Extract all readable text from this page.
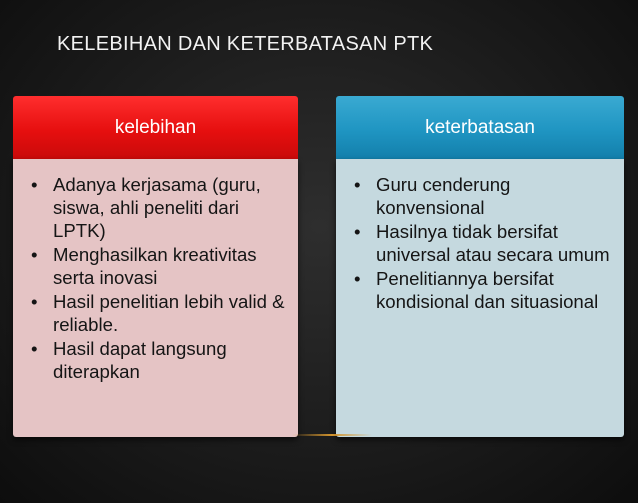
KELEBIHAN DAN KETERBATASAN PTK
kelebihan
• Adanya kerjasama (guru, siswa, ahli peneliti dari LPTK)
• Menghasilkan kreativitas serta inovasi
• Hasil penelitian lebih valid & reliable.
• Hasil dapat langsung diterapkan
keterbatasan
• Guru cenderung konvensional
• Hasilnya tidak bersifat universal atau secara umum
• Penelitiannya bersifat kondisional dan situasional
